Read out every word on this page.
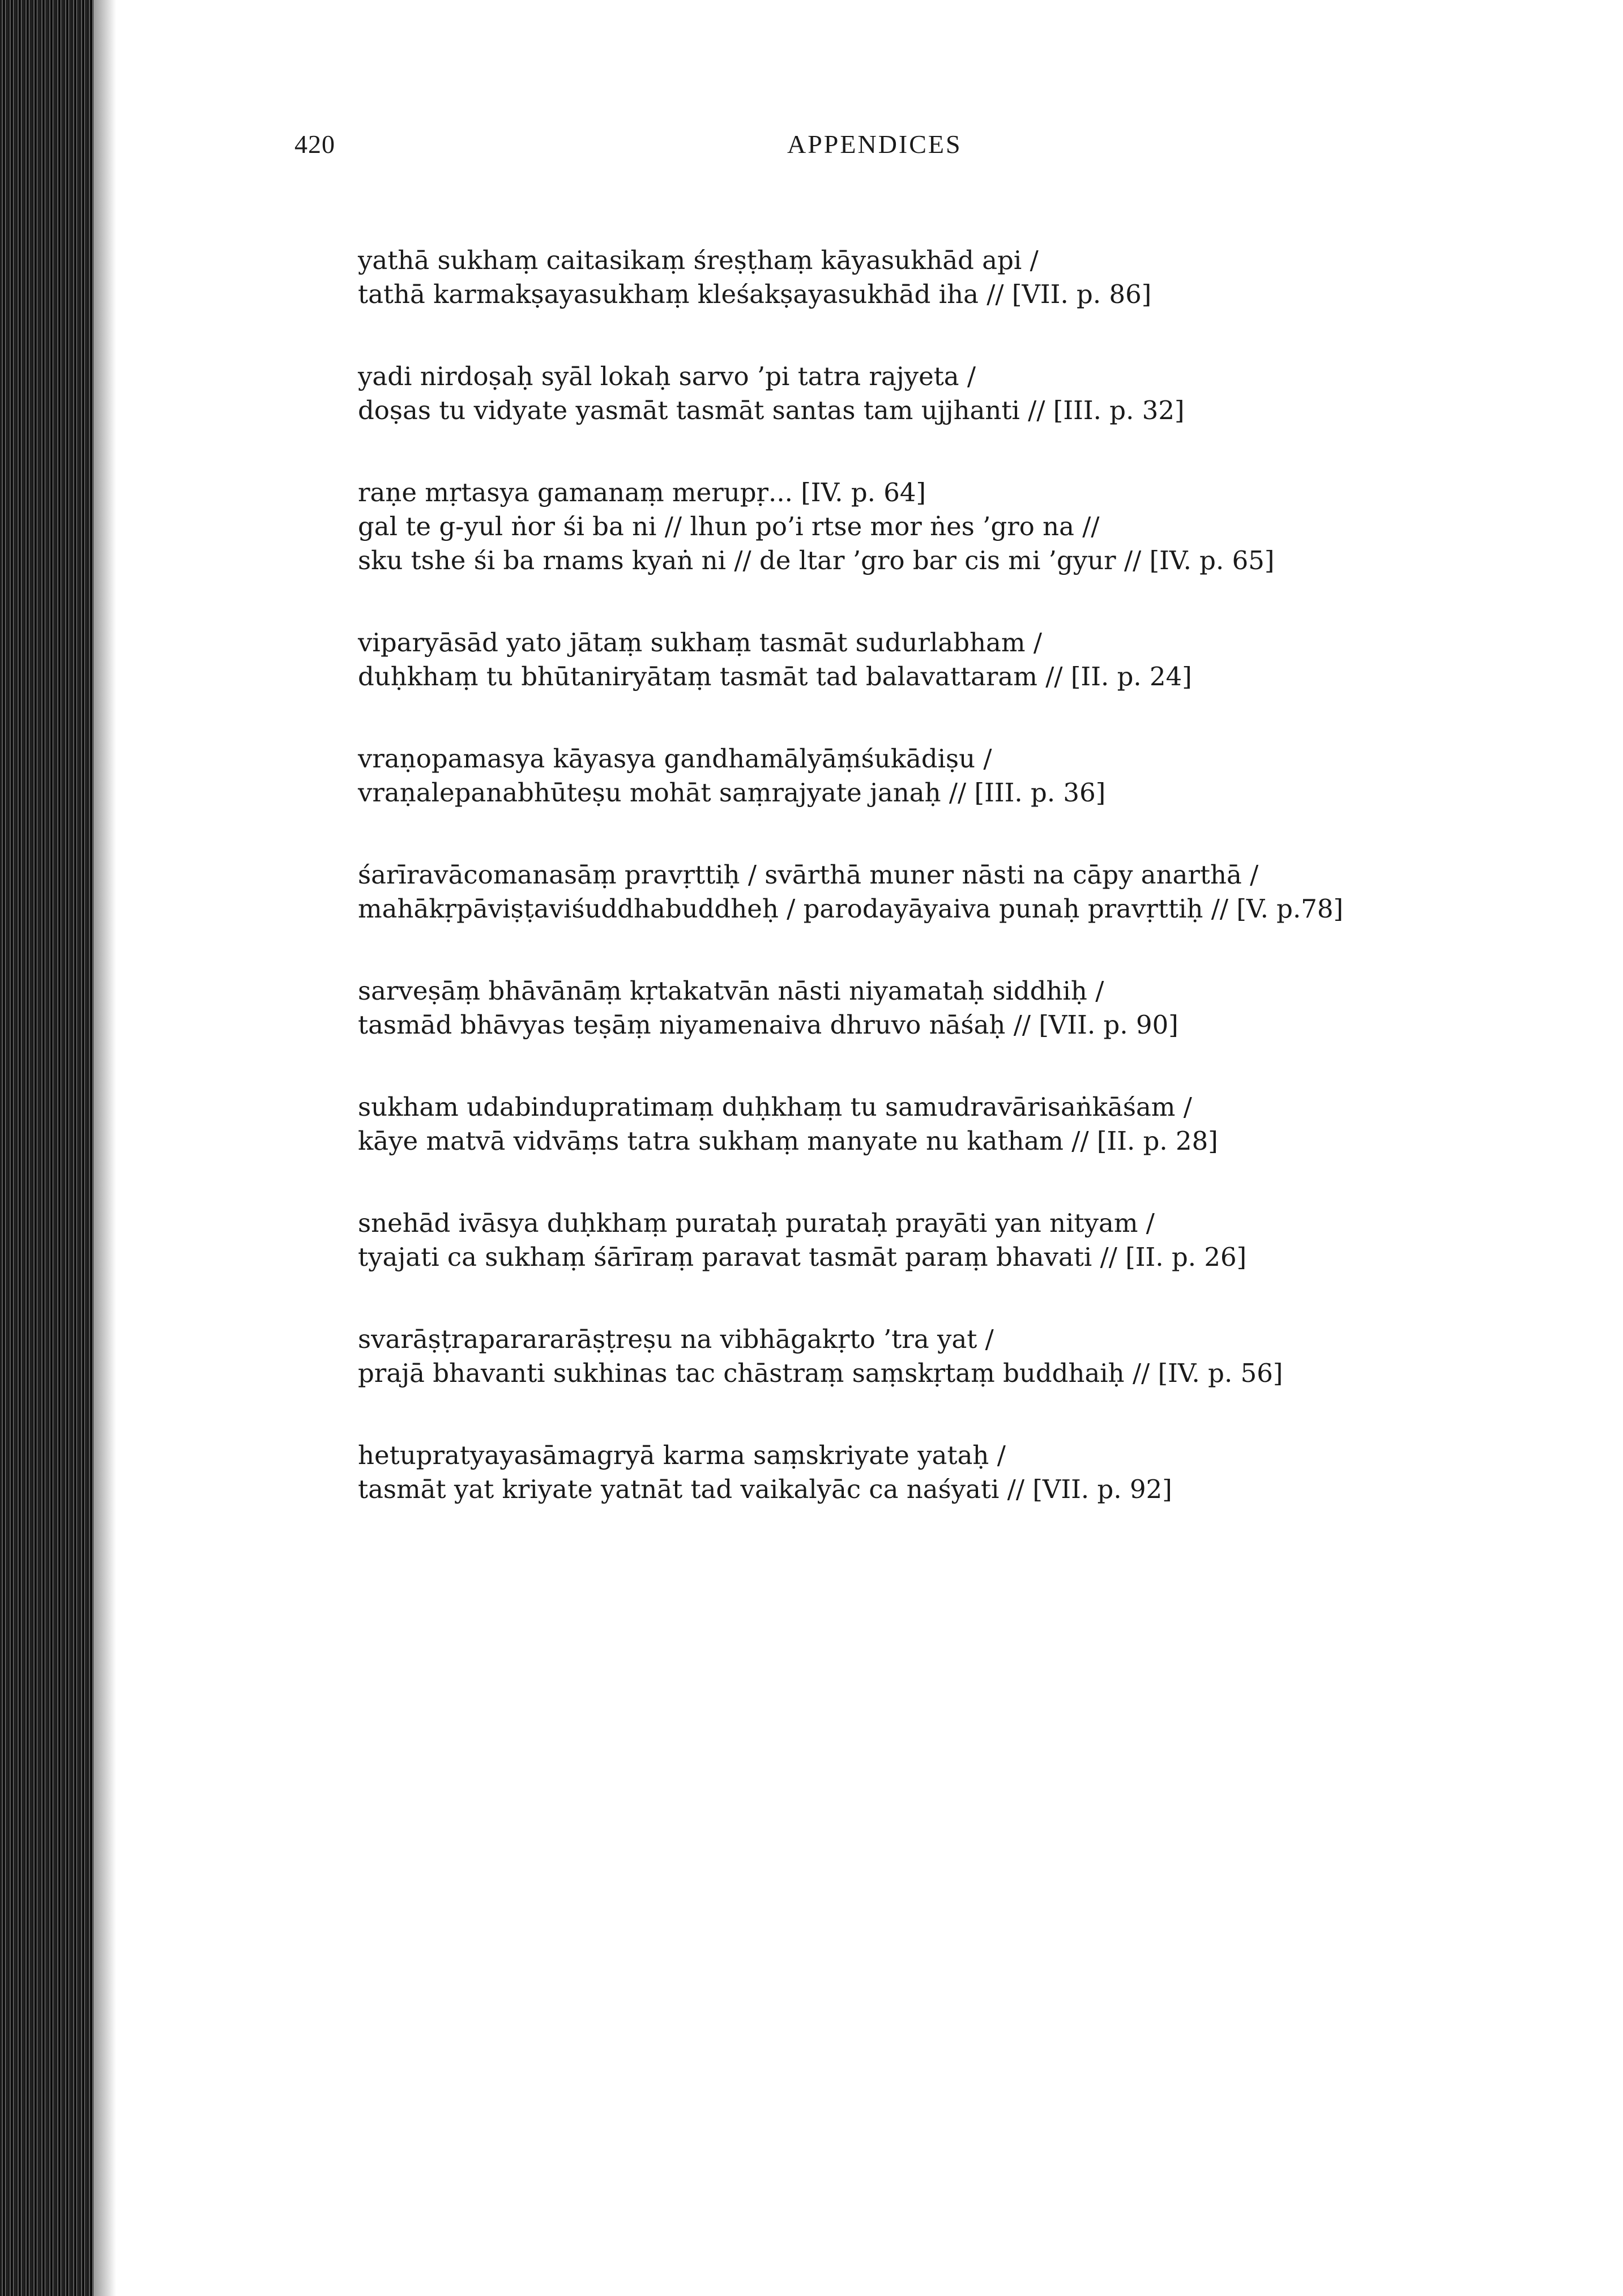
420	APPENDICES
yathā sukhaṃ caitasikaṃ śreṣṭhaṃ kāyasukhād api /
tathā karmakṣayasukhaṃ kleśakṣayasukhād iha // [VII. p. 86]
yadi nirdoṣaḥ syāl lokaḥ sarvo ’pi tatra rajyeta /
doṣas tu vidyate yasmāt tasmāt santas tam ujjhanti // [III. p. 32]
raṇe mṛtasya gamanaṃ merupṛ... [IV. p. 64]
gal te g-yul ṅor śi ba ni // lhun po’i rtse mor ṅes ’gro na //
sku tshe śi ba rnams kyaṅ ni // de ltar ’gro bar cis mi ’gyur // [IV. p. 65]
viparyāsād yato jātaṃ sukhaṃ tasmāt sudurlabham /
duḥkhaṃ tu bhūtaniryātaṃ tasmāt tad balavattaram // [II. p. 24]
vraṇopamasya kāyasya gandhamālyāṃśukādiṣu /
vraṇalepanabhūteṣu mohāt saṃrajyate janaḥ // [III. p. 36]
śarīravācomanasāṃ pravṛttiḥ / svārthā muner nāsti na cāpy anarthā /
mahākṛpāviṣṭaviśuddhabuddheḥ / parodayāyaiva punaḥ pravṛttiḥ // [V. p.78]
sarveṣāṃ bhāvānāṃ kṛtakatvān nāsti niyamataḥ siddhiḥ /
tasmād bhāvyas teṣāṃ niyamenaiva dhruvo nāśaḥ // [VII. p. 90]
sukham udabindupratimaṃ duḥkhaṃ tu samudravārisaṅkāśam /
kāye matvā vidvāṃs tatra sukhaṃ manyate nu katham // [II. p. 28]
snehād ivāsya duḥkhaṃ purataḥ purataḥ prayāti yan nityam /
tyajati ca sukhaṃ śārīraṃ paravat tasmāt paraṃ bhavati // [II. p. 26]
svarāṣṭraparararāṣṭreṣu na vibhāgakṛto ’tra yat /
prajā bhavanti sukhinas tac chāstraṃ saṃskṛtaṃ buddhaiḥ // [IV. p. 56]
hetupratyayasāmagryā karma saṃskriyate yataḥ /
tasmāt yat kriyate yatnāt tad vaikalyāc ca naśyati // [VII. p. 92]
